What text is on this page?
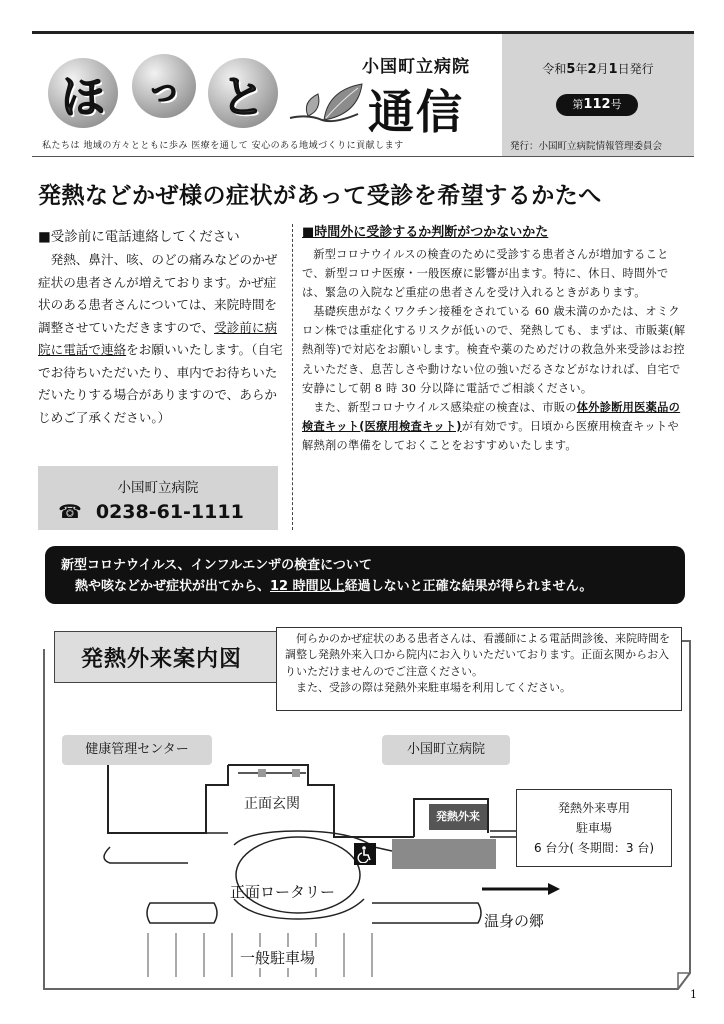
ほ	っ と
小国町立病院
通信
私たちは 地域の方々とともに歩み 医療を通して 安心のある地域づくりに貢献します
令和5年2月1日発行
第112号
発行：小国町立病院情報管理委員会
発熱などかぜ様の症状があって受診を希望するかたへ
■受診前に電話連絡してください

発熱、鼻汁、咳、のどの痛みなどのかぜ症状の患者さんが増えております。かぜ症状のある患者さんについては、来院時間を調整させていただきますので、受診前に病院に電話で連絡をお願いいたします。（自宅でお待ちいただいたり、車内でお待ちいただいたりする場合がありますので、あらかじめご了承ください。）

小国町立病院
☎ 0238-61-1111
■時間外に受診するか判断がつかないかた

新型コロナウイルスの検査のために受診する患者さんが増加することで、新型コロナ医療・一般医療に影響が出ます。特に、休日、時間外では、緊急の入院など重症の患者さんを受け入れるときがあります。

基礎疾患がなくワクチン接種をされている 60 歳未満のかたは、オミクロン株では重症化するリスクが低いので、発熱しても、まずは、市販薬(解熱剤等)で対応をお願いします。検査や薬のためだけの救急外来受診はお控えいただき、息苦しさや動けない位の強いだるさなどがなければ、自宅で安静にして朝 8 時 30 分以降に電話でご相談ください。

また、新型コロナウイルス感染症の検査は、市販の体外診断用医薬品の検査キット(医療用検査キット)が有効です。日頃から医療用検査キットや解熱剤の準備をしておくことをおすすめいたします。

新型コロナウイルス、インフルエンザの検査について
熱や咳などかぜ症状が出てから、12 時間以上経過しないと正確な結果が得られません。
発熱外来案内図

何らかのかぜ症状のある患者さんは、看護師による電話問診後、来院時間を調整し発熱外来入口から院内にお入りいただいております。正面玄関からお入りいただけませんのでご注意ください。

また、受診の際は発熱外来駐車場を利用してください。

健康管理センター	小国町立病院
正面玄関
発熱外来
発熱外来専用
駐車場
6 台分( 冬期間：3 台)
正面ロータリー
温身の郷
一般駐車場
1
